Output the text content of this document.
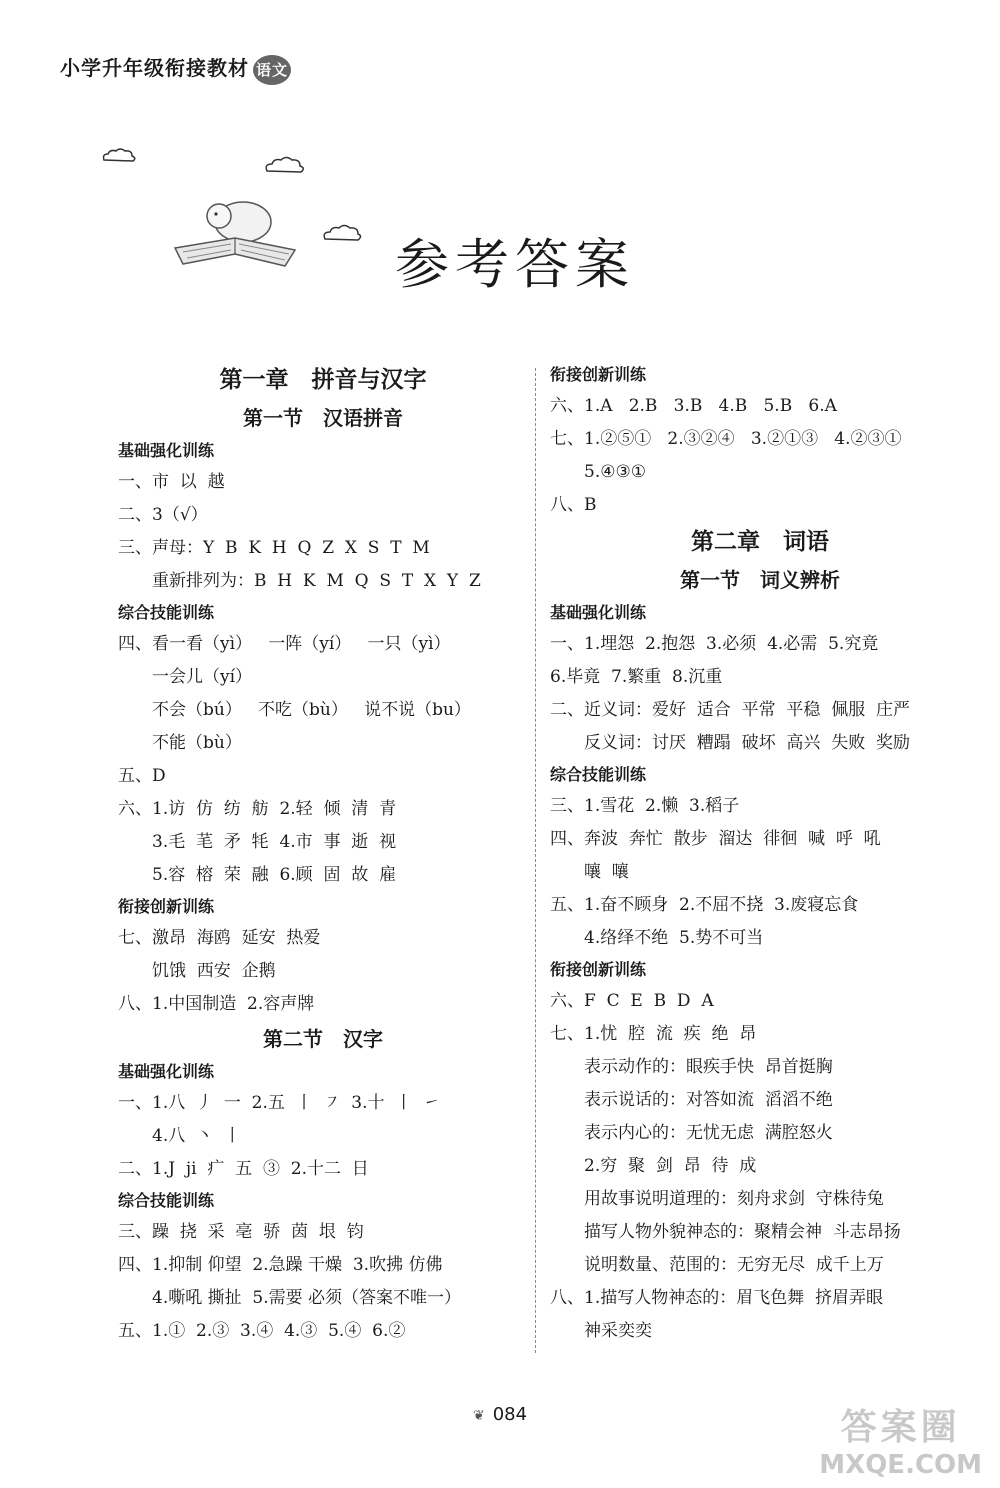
小学升年级衔接教材 语文
参考答案
第一章　拼音与汉字
第一节　汉语拼音
基础强化训练
一、市  以  越
二、3（√）
三、声母：Y  B  K  H  Q  Z  X  S  T  M
重新排列为：B  H  K  M  Q  S  T  X  Y  Z
综合技能训练
四、看一看（yì）   一阵（yí）   一只（yì）
一会儿（yí）
不会（bú）   不吃（bù）   说不说（bu）
不能（bù）
五、D
六、1.访  仿  纺  舫  2.轻  倾  清  青
3.毛  芼  矛  牦  4.市  事  逝  视
5.容  榕  荣  融  6.顾  固  故  雇
衔接创新训练
七、激昂  海鸥  延安  热爱
饥饿  西安  企鹅
八、1.中国制造  2.容声牌
第二节　汉字
基础强化训练
一、1.八  丿  一  2.五  丨  ㇇  3.十  丨  ㇀
4.八  丶  丨
二、1.J  ji  疒  五  ③  2.十二  日
综合技能训练
三、躁  挠  采  亳  骄  茵  垠  钧
四、1.抑制 仰望  2.急躁 干燥  3.吹拂 仿佛
4.嘶吼 撕扯  5.需要 必须（答案不唯一）
五、1.①  2.③  3.④  4.③  5.④  6.②
衔接创新训练
六、1.A   2.B   3.B   4.B   5.B   6.A
七、1.②⑤①   2.③②④   3.②①③   4.②③①
5.④③①
八、B
第二章　词语
第一节　词义辨析
基础强化训练
一、1.埋怨  2.抱怨  3.必须  4.必需  5.究竟
6.毕竟  7.繁重  8.沉重
二、近义词：爱好  适合  平常  平稳  佩服  庄严
反义词：讨厌  糟蹋  破坏  高兴  失败  奖励
综合技能训练
三、1.雪花  2.懒  3.稻子
四、奔波  奔忙  散步  溜达  徘徊  喊  呼  吼
嚷  嚷
五、1.奋不顾身  2.不屈不挠  3.废寝忘食
4.络绎不绝  5.势不可当
衔接创新训练
六、F  C  E  B  D  A
七、1.忧  腔  流  疾  绝  昂
表示动作的：眼疾手快  昂首挺胸
表示说话的：对答如流  滔滔不绝
表示内心的：无忧无虑  满腔怒火
2.穷  聚  剑  昂  待  成
用故事说明道理的：刻舟求剑  守株待兔
描写人物外貌神态的：聚精会神  斗志昂扬
说明数量、范围的：无穷无尽  成千上万
八、1.描写人物神态的：眉飞色舞  挤眉弄眼
神采奕奕
❦ 084	答案圈
MXQE.COM
